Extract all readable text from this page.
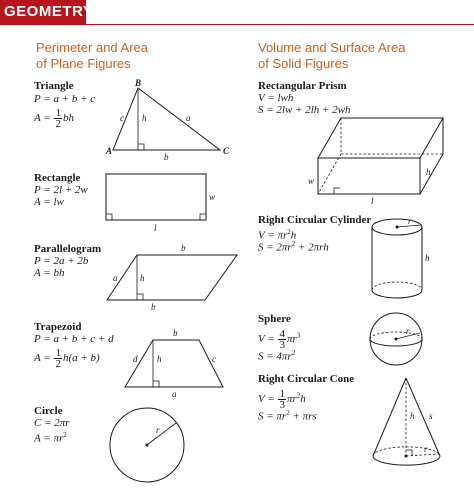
GEOMETRY
Perimeter and Area
of Plane Figures
Volume and Surface Area
of Solid Figures
Triangle
P = a + b + c
$A = \frac{1}{2}$ bh
Rectangle
P = 2l + 2w
A = lw
Parallelogram
P = 2a + 2b
A = bh
Trapezoid
P = a + b + c + d
$A = \frac{1}{2} h(a + b)$
Circle
C = 2πr
$A = \pi r^2$
Rectangular Prism
V = lwh
S = 2lw + 2lh + 2wh
Right Circular Cylinder
$V = \pi r^2h$
$S = 2\pi r^2 + 2\pi rh$
Sphere
$V = \frac{4}{3} \pi r^3$
$S = 4\pi r^2$
Right Circular Cone
$V = \frac{1}{3} \pi r^2h$
$S = \pi r^2 + \pi rs$
B
A	C
a
c h
b
l
w
b
a	h
b
b
d h	c
a
r
l
w
h
r
h
r
h s
r
